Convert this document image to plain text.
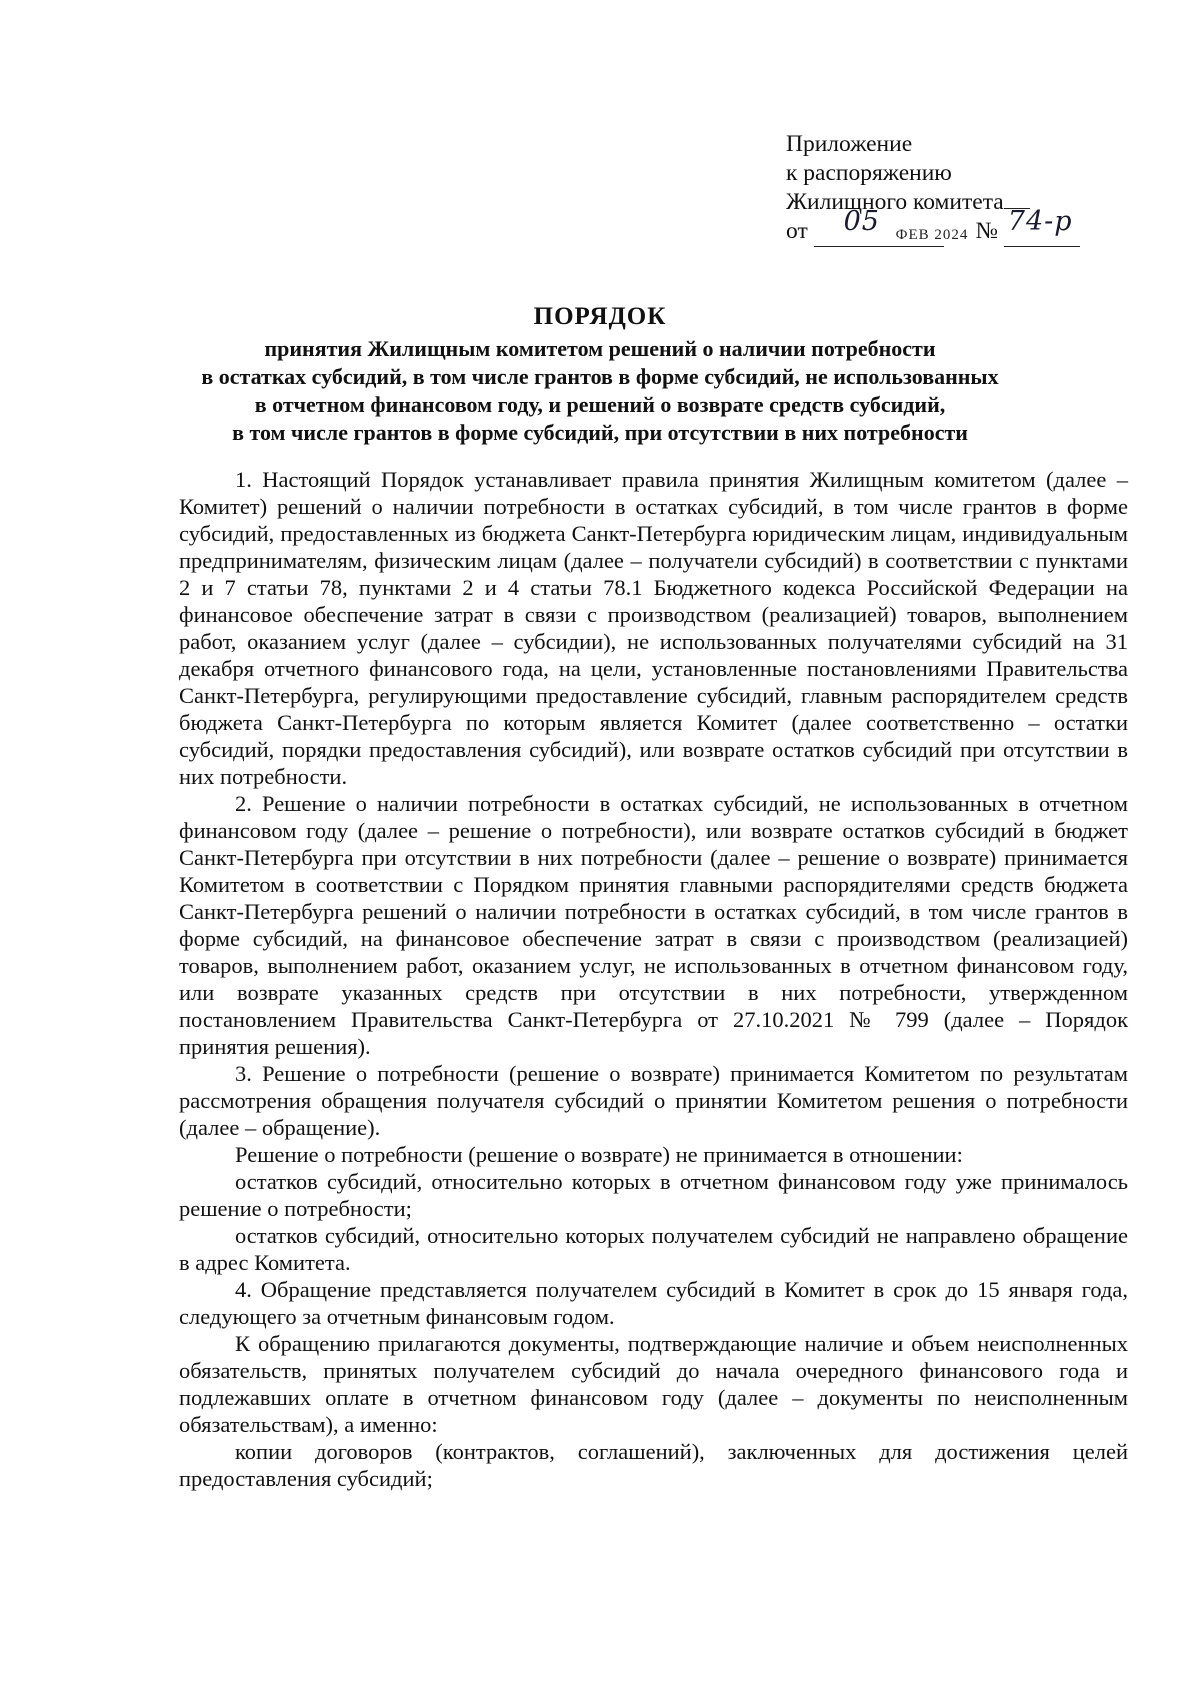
Приложение
к распоряжению
Жилищного комитета
от 05 ФЕВ 2024 № 74-р

ПОРЯДОК
принятия Жилищным комитетом решений о наличии потребности
в остатках субсидий, в том числе грантов в форме субсидий, не использованных
в отчетном финансовом году, и решений о возврате средств субсидий,
в том числе грантов в форме субсидий, при отсутствии в них потребности

1. Настоящий Порядок устанавливает правила принятия Жилищным комитетом (далее – Комитет) решений о наличии потребности в остатках субсидий, в том числе грантов в форме субсидий, предоставленных из бюджета Санкт-Петербурга юридическим лицам, индивидуальным предпринимателям, физическим лицам (далее – получатели субсидий) в соответствии с пунктами 2 и 7 статьи 78, пунктами 2 и 4 статьи 78.1 Бюджетного кодекса Российской Федерации на финансовое обеспечение затрат в связи с производством (реализацией) товаров, выполнением работ, оказанием услуг (далее – субсидии), не использованных получателями субсидий на 31 декабря отчетного финансового года, на цели, установленные постановлениями Правительства Санкт-Петербурга, регулирующими предоставление субсидий, главным распорядителем средств бюджета Санкт-Петербурга по которым является Комитет (далее соответственно – остатки субсидий, порядки предоставления субсидий), или возврате остатков субсидий при отсутствии в них потребности.

2. Решение о наличии потребности в остатках субсидий, не использованных в отчетном финансовом году (далее – решение о потребности), или возврате остатков субсидий в бюджет Санкт-Петербурга при отсутствии в них потребности (далее – решение о возврате) принимается Комитетом в соответствии с Порядком принятия главными распорядителями средств бюджета Санкт-Петербурга решений о наличии потребности в остатках субсидий, в том числе грантов в форме субсидий, на финансовое обеспечение затрат в связи с производством (реализацией) товаров, выполнением работ, оказанием услуг, не использованных в отчетном финансовом году, или возврате указанных средств при отсутствии в них потребности, утвержденном постановлением Правительства Санкт-Петербурга от 27.10.2021 № 799 (далее – Порядок принятия решения).

3. Решение о потребности (решение о возврате) принимается Комитетом по результатам рассмотрения обращения получателя субсидий о принятии Комитетом решения о потребности (далее – обращение).

Решение о потребности (решение о возврате) не принимается в отношении:

остатков субсидий, относительно которых в отчетном финансовом году уже принималось решение о потребности;

остатков субсидий, относительно которых получателем субсидий не направлено обращение в адрес Комитета.

4. Обращение представляется получателем субсидий в Комитет в срок до 15 января года, следующего за отчетным финансовым годом.

К обращению прилагаются документы, подтверждающие наличие и объем неисполненных обязательств, принятых получателем субсидий до начала очередного финансового года и подлежавших оплате в отчетном финансовом году (далее – документы по неисполненным обязательствам), а именно:

копии договоров (контрактов, соглашений), заключенных для достижения целей предоставления субсидий;
